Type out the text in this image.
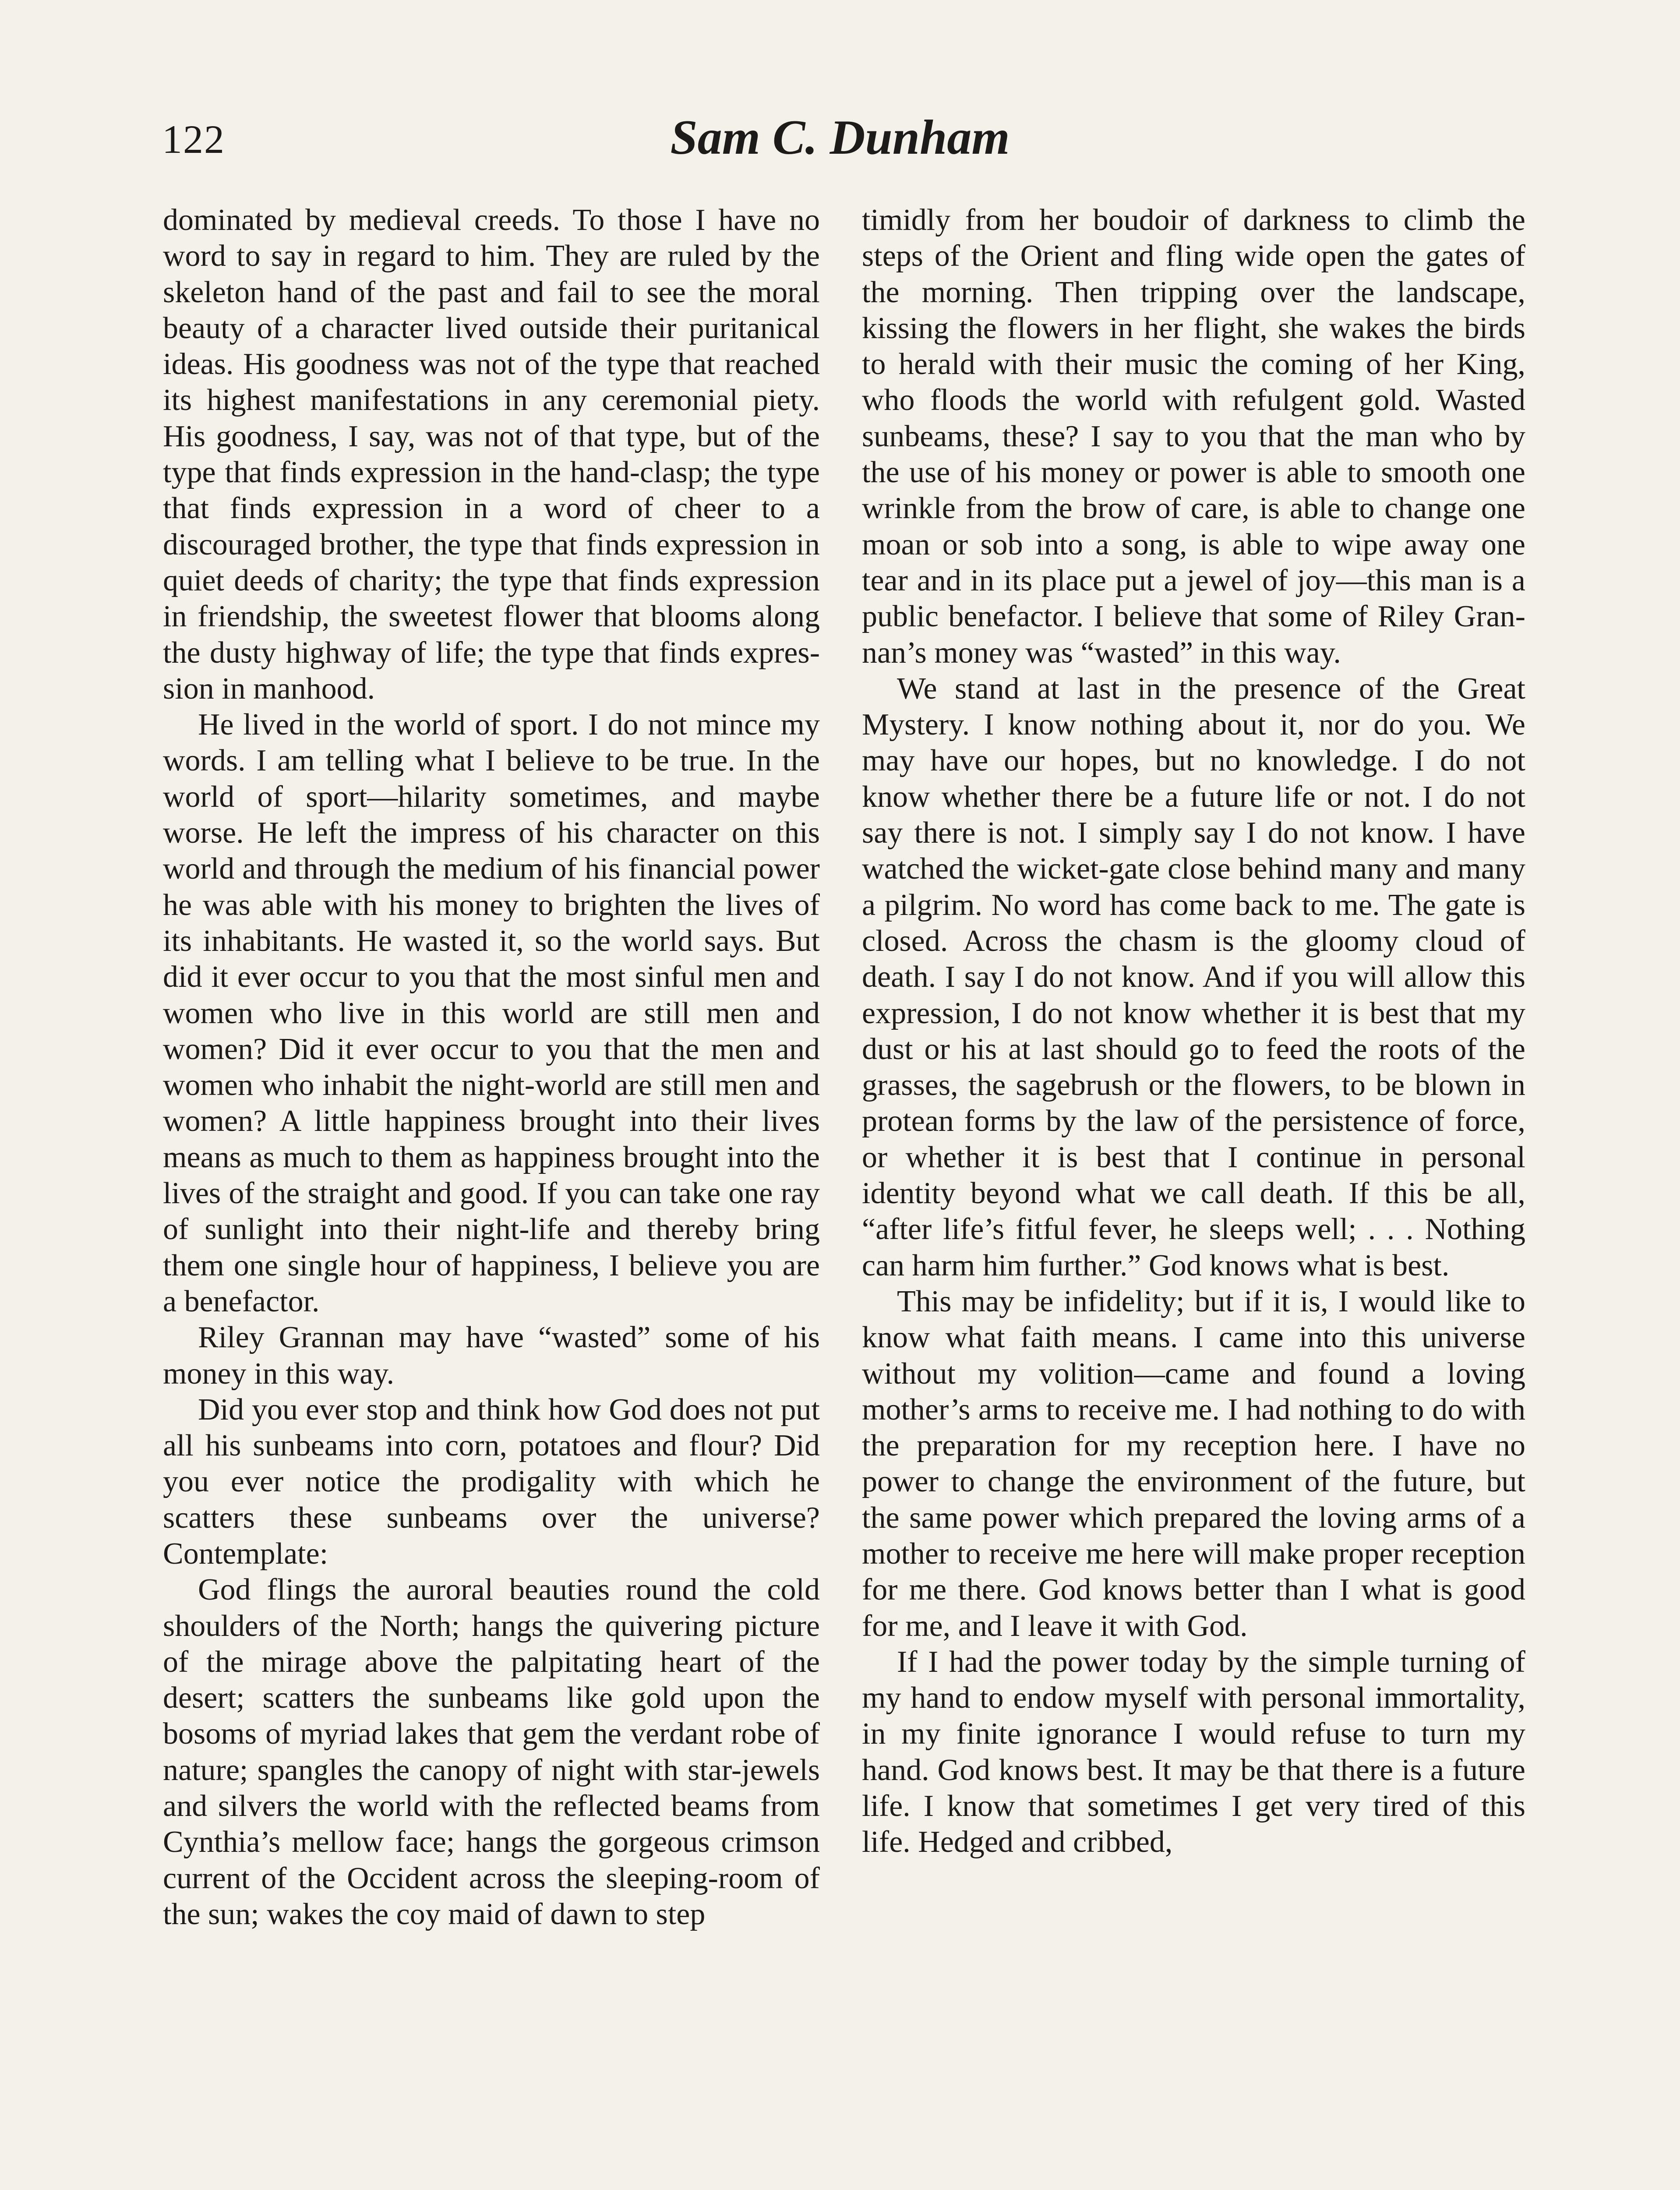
122	Sam C. Dunham

dominated by medieval creeds. To those I have no word to say in regard to him. They are ruled by the skeleton hand of the past and fail to see the moral beauty of a character lived outside their puritanical ideas. His goodness was not of the type that reached its highest manifestations in any ceremonial piety. His goodness, I say, was not of that type, but of the type that finds expression in the hand-clasp; the type that finds expression in a word of cheer to a discouraged brother, the type that finds expression in quiet deeds of charity; the type that finds expression in friendship, the sweetest flower that blooms along the dusty highway of life; the type that finds expression in manhood.

He lived in the world of sport. I do not mince my words. I am telling what I believe to be true. In the world of sport—hilarity sometimes, and maybe worse. He left the impress of his character on this world and through the medium of his financial power he was able with his money to brighten the lives of its inhabitants. He wasted it, so the world says. But did it ever occur to you that the most sinful men and women who live in this world are still men and women? Did it ever occur to you that the men and women who inhabit the night-world are still men and women? A little happiness brought into their lives means as much to them as happiness brought into the lives of the straight and good. If you can take one ray of sunlight into their night-life and thereby bring them one single hour of happiness, I believe you are a benefactor.

Riley Grannan may have “wasted” some of his money in this way.

Did you ever stop and think how God does not put all his sunbeams into corn, potatoes and flour? Did you ever notice the prodigality with which he scatters these sunbeams over the universe? Contemplate:

God flings the auroral beauties round the cold shoulders of the North; hangs the quivering picture of the mirage above the palpitating heart of the desert; scatters the sunbeams like gold upon the bosoms of myriad lakes that gem the verdant robe of nature; spangles the canopy of night with star-jewels and silvers the world with the reflected beams from Cynthia’s mellow face; hangs the gorgeous crimson current of the Occident across the sleeping-room of the sun; wakes the coy maid of dawn to step

timidly from her boudoir of darkness to climb the steps of the Orient and fling wide open the gates of the morning. Then tripping over the landscape, kissing the flowers in her flight, she wakes the birds to herald with their music the coming of her King, who floods the world with refulgent gold. Wasted sunbeams, these? I say to you that the man who by the use of his money or power is able to smooth one wrinkle from the brow of care, is able to change one moan or sob into a song, is able to wipe away one tear and in its place put a jewel of joy—this man is a public benefactor. I believe that some of Riley Grannan’s money was “wasted” in this way.

We stand at last in the presence of the Great Mystery. I know nothing about it, nor do you. We may have our hopes, but no knowledge. I do not know whether there be a future life or not. I do not say there is not. I simply say I do not know. I have watched the wicket-gate close behind many and many a pilgrim. No word has come back to me. The gate is closed. Across the chasm is the gloomy cloud of death. I say I do not know. And if you will allow this expression, I do not know whether it is best that my dust or his at last should go to feed the roots of the grasses, the sagebrush or the flowers, to be blown in protean forms by the law of the persistence of force, or whether it is best that I continue in personal identity beyond what we call death. If this be all, “after life’s fitful fever, he sleeps well; . . . Nothing can harm him further.” God knows what is best.

This may be infidelity; but if it is, I would like to know what faith means. I came into this universe without my volition—came and found a loving mother’s arms to receive me. I had nothing to do with the preparation for my reception here. I have no power to change the environment of the future, but the same power which prepared the loving arms of a mother to receive me here will make proper reception for me there. God knows better than I what is good for me, and I leave it with God.

If I had the power today by the simple turning of my hand to endow myself with personal immortality, in my finite ignorance I would refuse to turn my hand. God knows best. It may be that there is a future life. I know that sometimes I get very tired of this life. Hedged and cribbed,
